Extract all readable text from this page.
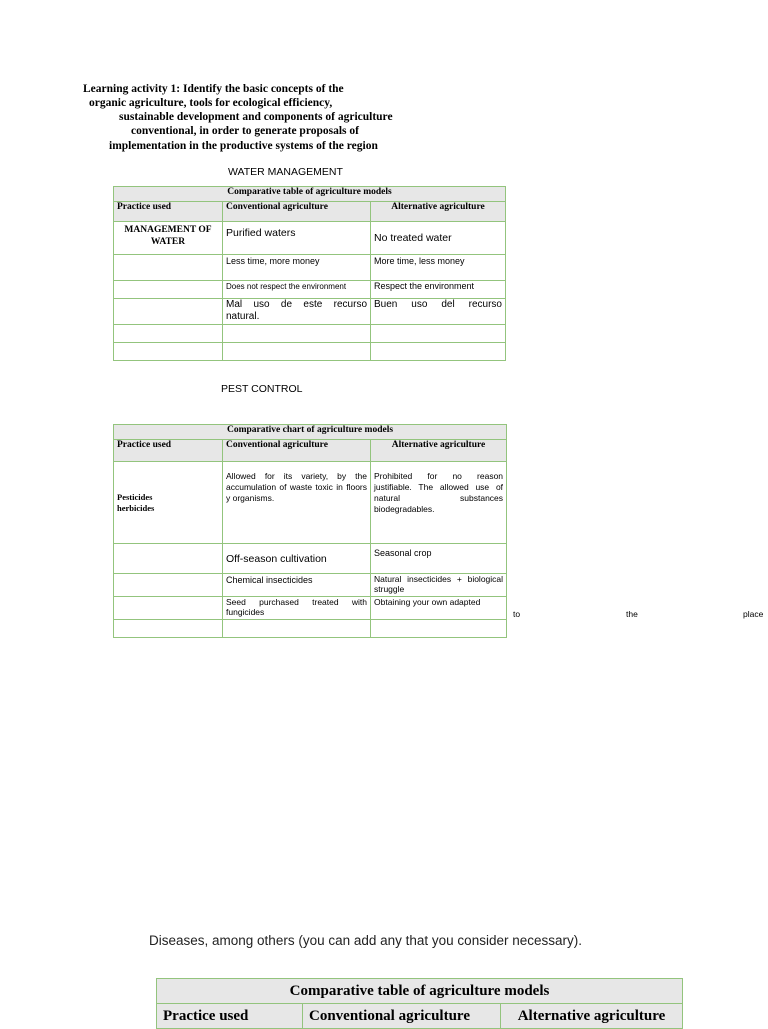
Learning activity 1: Identify the basic concepts of the
organic agriculture, tools for ecological efficiency,
sustainable development and components of agriculture
conventional, in order to generate proposals of
implementation in the productive systems of the region
WATER MANAGEMENT
Comparative table of agriculture models		
Practice used	Conventional agriculture	Alternative agriculture
MANAGEMENT OF WATER	Purified waters	No treated water
	Less time, more money	More time, less money
	Does not respect the environment	Respect the environment
	Mal uso de este recurso natural.	Buen uso del recurso

PEST CONTROL
Comparative chart of agriculture models		
Practice used	Conventional agriculture	Alternative agriculture

Pesticides herbicides	Allowed for its variety, by the accumulation of waste toxic in floors y organisms.	Prohibited for no reason justifiable. The allowed use of natural substances biodegradables.
	Off-season cultivation	Seasonal crop
	Chemical insecticides	Natural insecticides + biological struggle
	Seed purchased treated with fungicides	Obtaining your own adapted

to	the	place
Diseases, among others (you can add any that you consider necessary).
Comparative table of agriculture models
Practice used	Conventional agriculture	Alternative agriculture
